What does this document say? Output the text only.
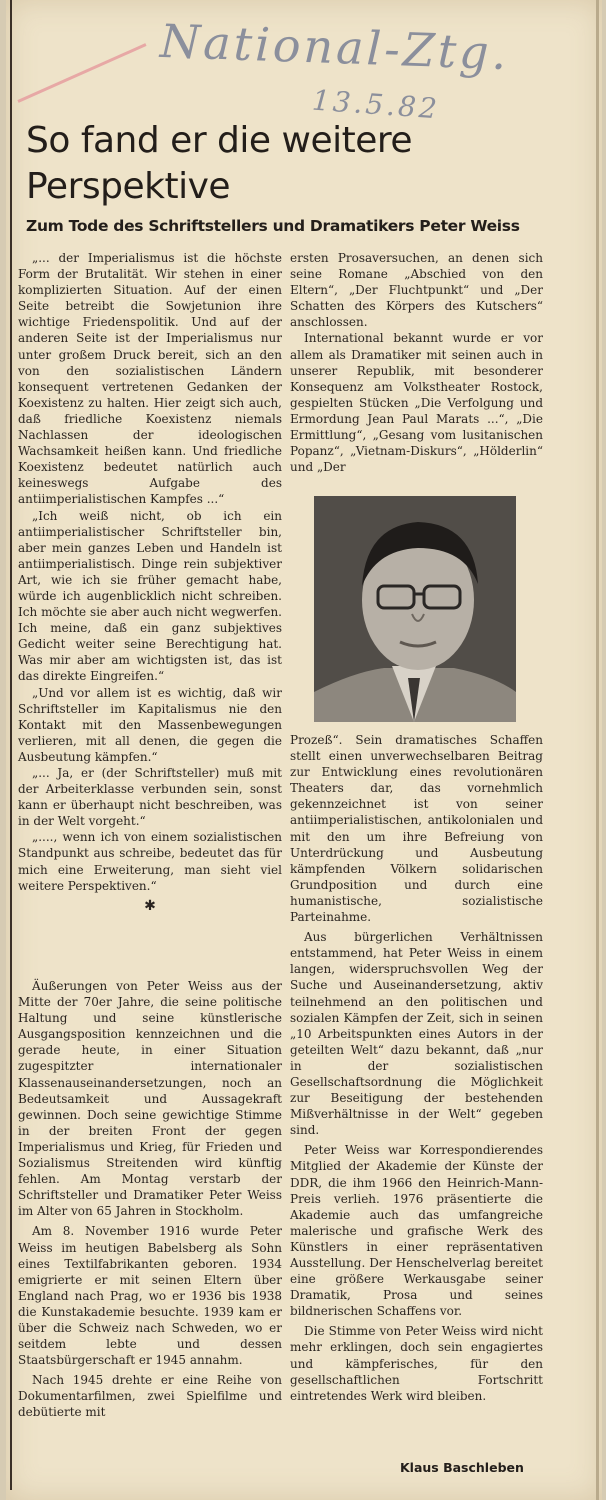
National-Ztg.
13.5.82
So fand er die weitere Perspektive
Zum Tode des Schriftstellers und Dramatikers Peter Weiss

„... der Imperialismus ist die höchste Form der Brutalität. Wir stehen in einer komplizierten Situation. Auf der einen Seite betreibt die Sowjetunion ihre wichtige Friedenspolitik. Und auf der anderen Seite ist der Imperialismus nur unter großem Druck bereit, sich an den von den sozialistischen Ländern konsequent vertretenen Gedanken der Koexistenz zu halten. Hier zeigt sich auch, daß friedliche Koexistenz niemals Nachlassen der ideologischen Wachsamkeit heißen kann. Und friedliche Koexistenz bedeutet natürlich auch keineswegs Aufgabe des antiimperialistischen Kampfes ...“

„Ich weiß nicht, ob ich ein antiimperialistischer Schriftsteller bin, aber mein ganzes Leben und Handeln ist antiimperialistisch. Dinge rein subjektiver Art, wie ich sie früher gemacht habe, würde ich augenblicklich nicht schreiben. Ich möchte sie aber auch nicht wegwerfen. Ich meine, daß ein ganz subjektives Gedicht weiter seine Berechtigung hat. Was mir aber am wichtigsten ist, das ist das direkte Eingreifen.“

„Und vor allem ist es wichtig, daß wir Schriftsteller im Kapitalismus nie den Kontakt mit den Massenbewegungen verlieren, mit all denen, die gegen die Ausbeutung kämpfen.“

„... Ja, er (der Schriftsteller) muß mit der Arbeiterklasse verbunden sein, sonst kann er überhaupt nicht beschreiben, was in der Welt vorgeht.“

„...., wenn ich von einem sozialistischen Standpunkt aus schreibe, bedeutet das für mich eine Erweiterung, man sieht viel weitere Perspektiven.“

✱

Äußerungen von Peter Weiss aus der Mitte der 70er Jahre, die seine politische Haltung und seine künstlerische Ausgangsposition kennzeichnen und die gerade heute, in einer Situation zugespitzter internationaler Klassenauseinandersetzungen, noch an Bedeutsamkeit und Aussagekraft gewinnen. Doch seine gewichtige Stimme in der breiten Front der gegen Imperialismus und Krieg, für Frieden und Sozialismus Streitenden wird künftig fehlen. Am Montag verstarb der Schriftsteller und Dramatiker Peter Weiss im Alter von 65 Jahren in Stockholm.

Am 8. November 1916 wurde Peter Weiss im heutigen Babelsberg als Sohn eines Textilfabrikanten geboren. 1934 emigrierte er mit seinen Eltern über England nach Prag, wo er 1936 bis 1938 die Kunstakademie besuchte. 1939 kam er über die Schweiz nach Schweden, wo er seitdem lebte und dessen Staatsbürgerschaft er 1945 annahm.

Nach 1945 drehte er eine Reihe von Dokumentarfilmen, zwei Spielfilme und debütierte mit

ersten Prosaversuchen, an denen sich seine Romane „Abschied von den Eltern“, „Der Fluchtpunkt“ und „Der Schatten des Körpers des Kutschers“ anschlossen.

International bekannt wurde er vor allem als Dramatiker mit seinen auch in unserer Republik, mit besonderer Konsequenz am Volkstheater Rostock, gespielten Stücken „Die Verfolgung und Ermordung Jean Paul Marats ...“, „Die Ermittlung“, „Gesang vom lusitanischen Popanz“, „Vietnam-Diskurs“, „Hölderlin“ und „Der

Prozeß“. Sein dramatisches Schaffen stellt einen unverwechselbaren Beitrag zur Entwicklung eines revolutionären Theaters dar, das vornehmlich gekennzeichnet ist von seiner antiimperialistischen, antikolonialen und mit den um ihre Befreiung von Unterdrückung und Ausbeutung kämpfenden Völkern solidarischen Grundposition und durch eine humanistische, sozialistische Parteinahme.

Aus bürgerlichen Verhältnissen entstammend, hat Peter Weiss in einem langen, widerspruchsvollen Weg der Suche und Auseinandersetzung, aktiv teilnehmend an den politischen und sozialen Kämpfen der Zeit, sich in seinen „10 Arbeitspunkten eines Autors in der geteilten Welt“ dazu bekannt, daß „nur in der sozialistischen Gesellschaftsordnung die Möglichkeit zur Beseitigung der bestehenden Mißverhältnisse in der Welt“ gegeben sind.

Peter Weiss war Korrespondierendes Mitglied der Akademie der Künste der DDR, die ihm 1966 den Heinrich-Mann-Preis verlieh. 1976 präsentierte die Akademie auch das umfangreiche malerische und grafische Werk des Künstlers in einer repräsentativen Ausstellung. Der Henschelverlag bereitet eine größere Werkausgabe seiner Dramatik, Prosa und seines bildnerischen Schaffens vor.

Die Stimme von Peter Weiss wird nicht mehr erklingen, doch sein engagiertes und kämpferisches, für den gesellschaftlichen Fortschritt eintretendes Werk wird bleiben.

Klaus Baschleben
